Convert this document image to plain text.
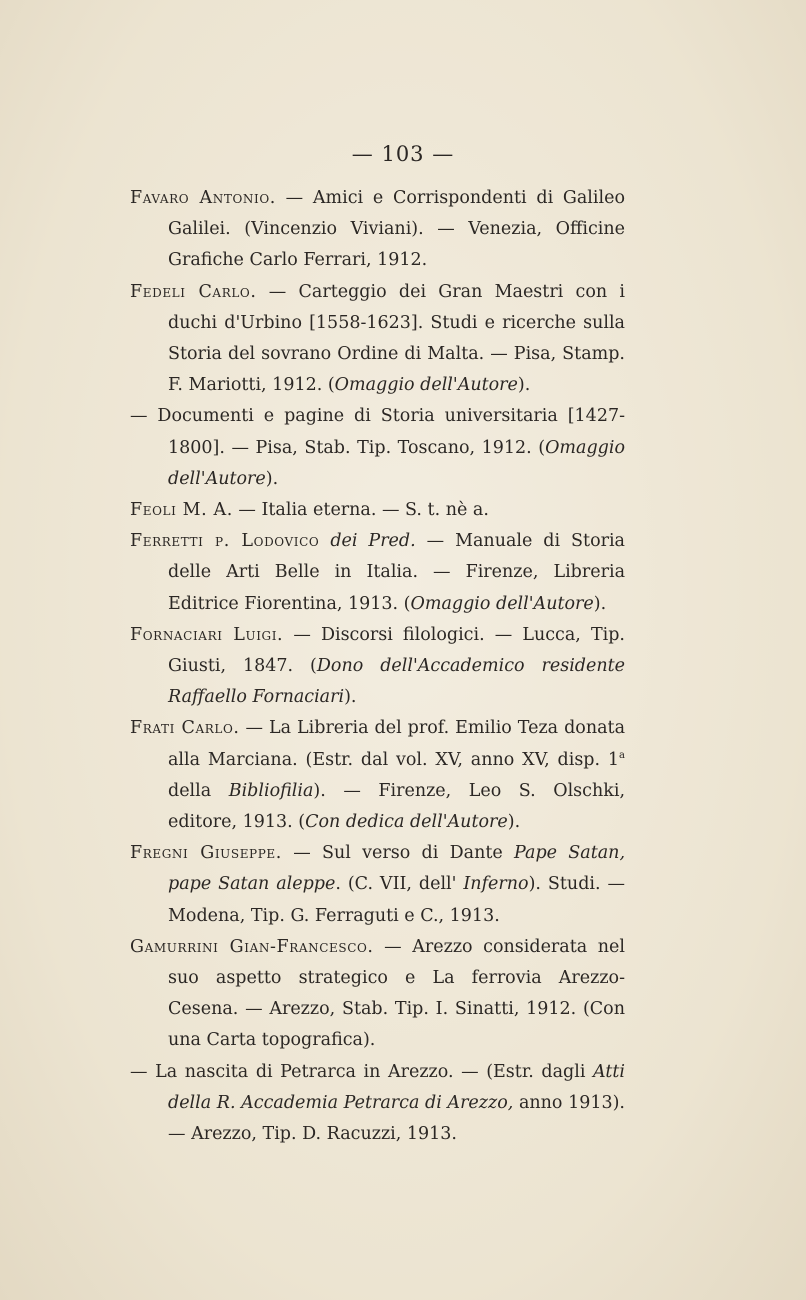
— 103 —

Favaro Antonio. — Amici e Corrispondenti di Galileo Galilei. (Vincenzio Viviani). — Venezia, Officine Grafiche Carlo Ferrari, 1912.

Fedeli Carlo. — Carteggio dei Gran Maestri con i duchi d'Urbino [1558-1623]. Studi e ricerche sulla Storia del sovrano Ordine di Malta. — Pisa, Stamp. F. Mariotti, 1912. (Omaggio dell'Autore).

— Documenti e pagine di Storia universitaria [1427-1800]. — Pisa, Stab. Tip. Toscano, 1912. (Omaggio dell'Autore).

Feoli M. A. — Italia eterna. — S. t. nè a.

Ferretti p. Lodovico dei Pred. — Manuale di Storia delle Arti Belle in Italia. — Firenze, Libreria Editrice Fiorentina, 1913. (Omaggio dell'Autore).

Fornaciari Luigi. — Discorsi filologici. — Lucca, Tip. Giusti, 1847. (Dono dell'Accademico residente Raffaello Fornaciari).

Frati Carlo. — La Libreria del prof. Emilio Teza donata alla Marciana. (Estr. dal vol. XV, anno XV, disp. 1$^a$ della Bibliofilia). — Firenze, Leo S. Olschki, editore, 1913. (Con dedica dell'Autore).

Fregni Giuseppe. — Sul verso di Dante Pape Satan, pape Satan aleppe. (C. VII, dell' Inferno). Studi. — Modena, Tip. G. Ferraguti e C., 1913.

Gamurrini Gian-Francesco. — Arezzo considerata nel suo aspetto strategico e La ferrovia Arezzo-Cesena. — Arezzo, Stab. Tip. I. Sinatti, 1912. (Con una Carta topografica).

— La nascita di Petrarca in Arezzo. — (Estr. dagli Atti della R. Accademia Petrarca di Arezzo, anno 1913). — Arezzo, Tip. D. Racuzzi, 1913.
